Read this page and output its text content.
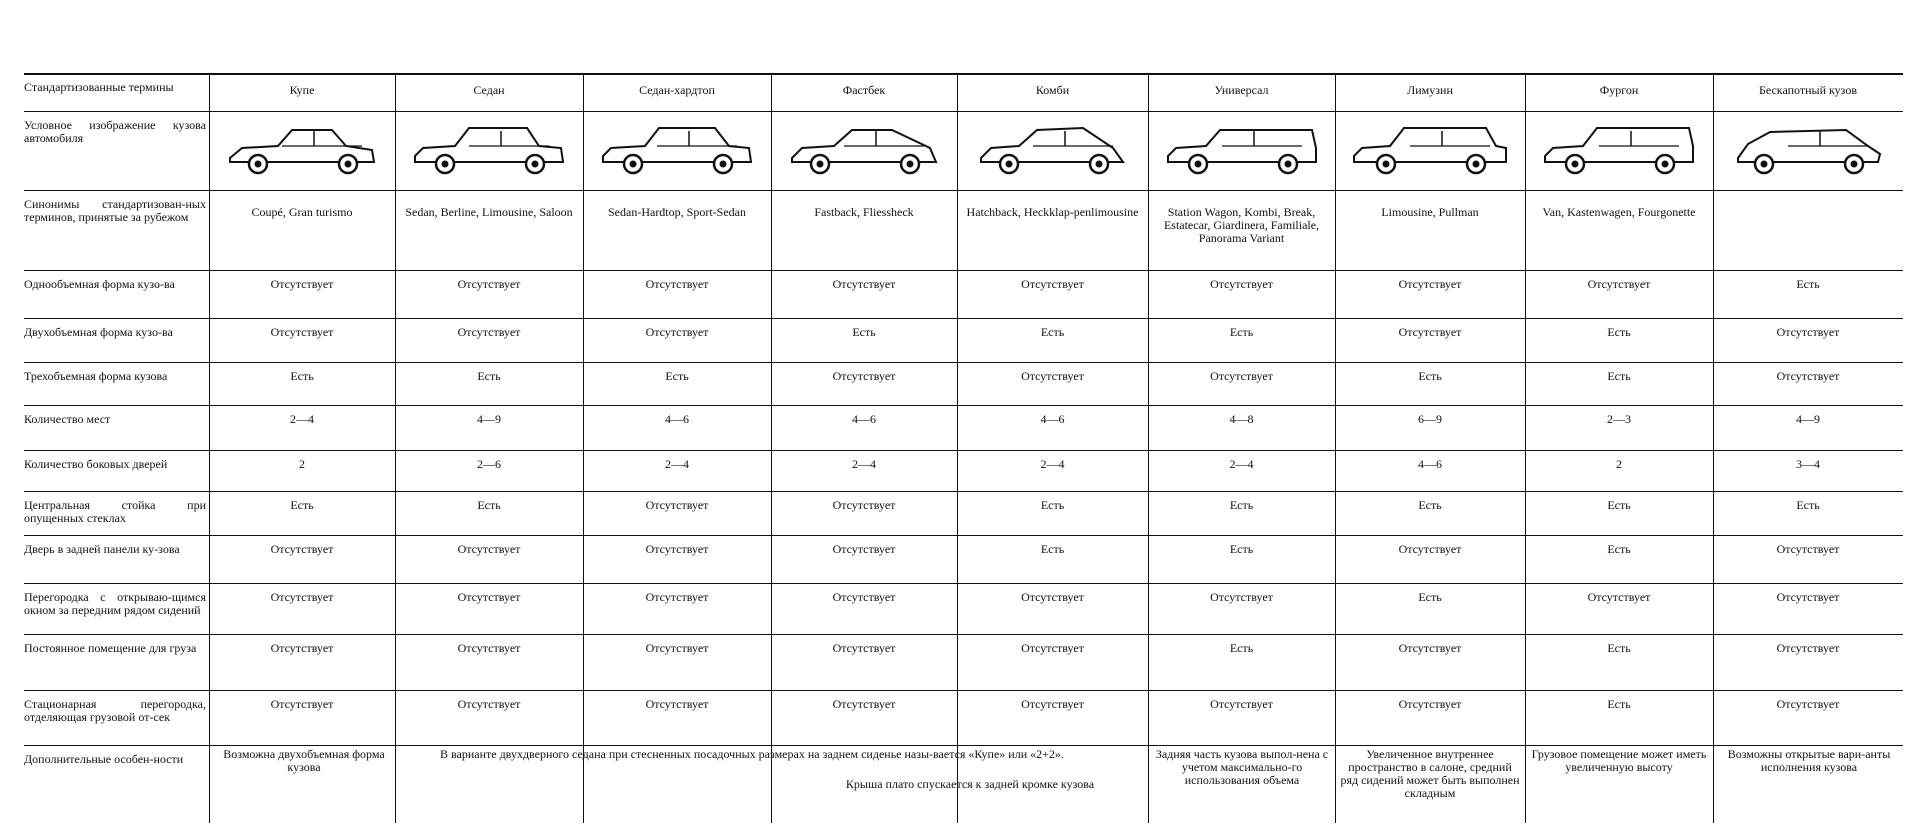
Стандартизованные термины
Условное изображение кузова автомобиля
Синонимы стандартизован-ных терминов, принятые за рубежом
Однообъемная форма кузо-ва
Двухобъемная форма кузо-ва
Трехобъемная форма кузова
Количество мест
Количество боковых дверей
Центральная стойка при опущенных стеклах
Дверь в задней панели ку-зова
Перегородка с открываю-щимся окном за передним рядом сидений
Постоянное помещение для груза
Стационарная перегородка, отделяющая грузовой от-сек
Дополнительные особен-ности
Купе
Coupé, Gran turismo
Отсутствует
Отсутствует
Есть
2—4
2
Есть
Отсутствует
Отсутствует
Отсутствует
Отсутствует
Седан
Sedan, Berline, Limousine, Saloon
Отсутствует
Отсутствует
Есть
4—9
2—6
Есть
Отсутствует
Отсутствует
Отсутствует
Отсутствует
Седан-хардтоп
Sedan-Hardtop, Sport-Sedan
Отсутствует
Отсутствует
Есть
4—6
2—4
Отсутствует
Отсутствует
Отсутствует
Отсутствует
Отсутствует
Фастбек
Fastback, Fliessheck
Отсутствует
Есть
Отсутствует
4—6
2—4
Отсутствует
Отсутствует
Отсутствует
Отсутствует
Отсутствует
Комби
Hatchback, Heckklap-penlimousine
Отсутствует
Есть
Отсутствует
4—6
2—4
Есть
Есть
Отсутствует
Отсутствует
Отсутствует
Универсал
Station Wagon, Kombi, Break, Estatecar, Giardinera, Familiale, Panorama Variant
Отсутствует
Есть
Отсутствует
4—8
2—4
Есть
Есть
Отсутствует
Есть
Отсутствует
Лимузин
Limousine, Pullman
Отсутствует
Отсутствует
Есть
6—9
4—6
Есть
Отсутствует
Есть
Отсутствует
Отсутствует
Фургон
Van, Kastenwagen, Fourgonette
Отсутствует
Есть
Есть
2—3
2
Есть
Есть
Отсутствует
Есть
Есть
Бескапотный кузов
Есть
Отсутствует
Отсутствует
4—9
3—4
Есть
Отсутствует
Отсутствует
Отсутствует
Отсутствует
Возможна двухобъемная форма кузова
В варианте двухдверного седана при стесненных посадочных размерах на заднем сиденье назы-вается «Купе» или «2+2».
Крыша плато спускается к задней кромке кузова
Задняя часть кузова выпол-нена с учетом максимально-го использования объема
Увеличенное внутреннее пространство в салоне, средний ряд сидений может быть выполнен складным
Грузовое помещение может иметь увеличенную высоту
Возможны открытые вари-анты исполнения кузова
